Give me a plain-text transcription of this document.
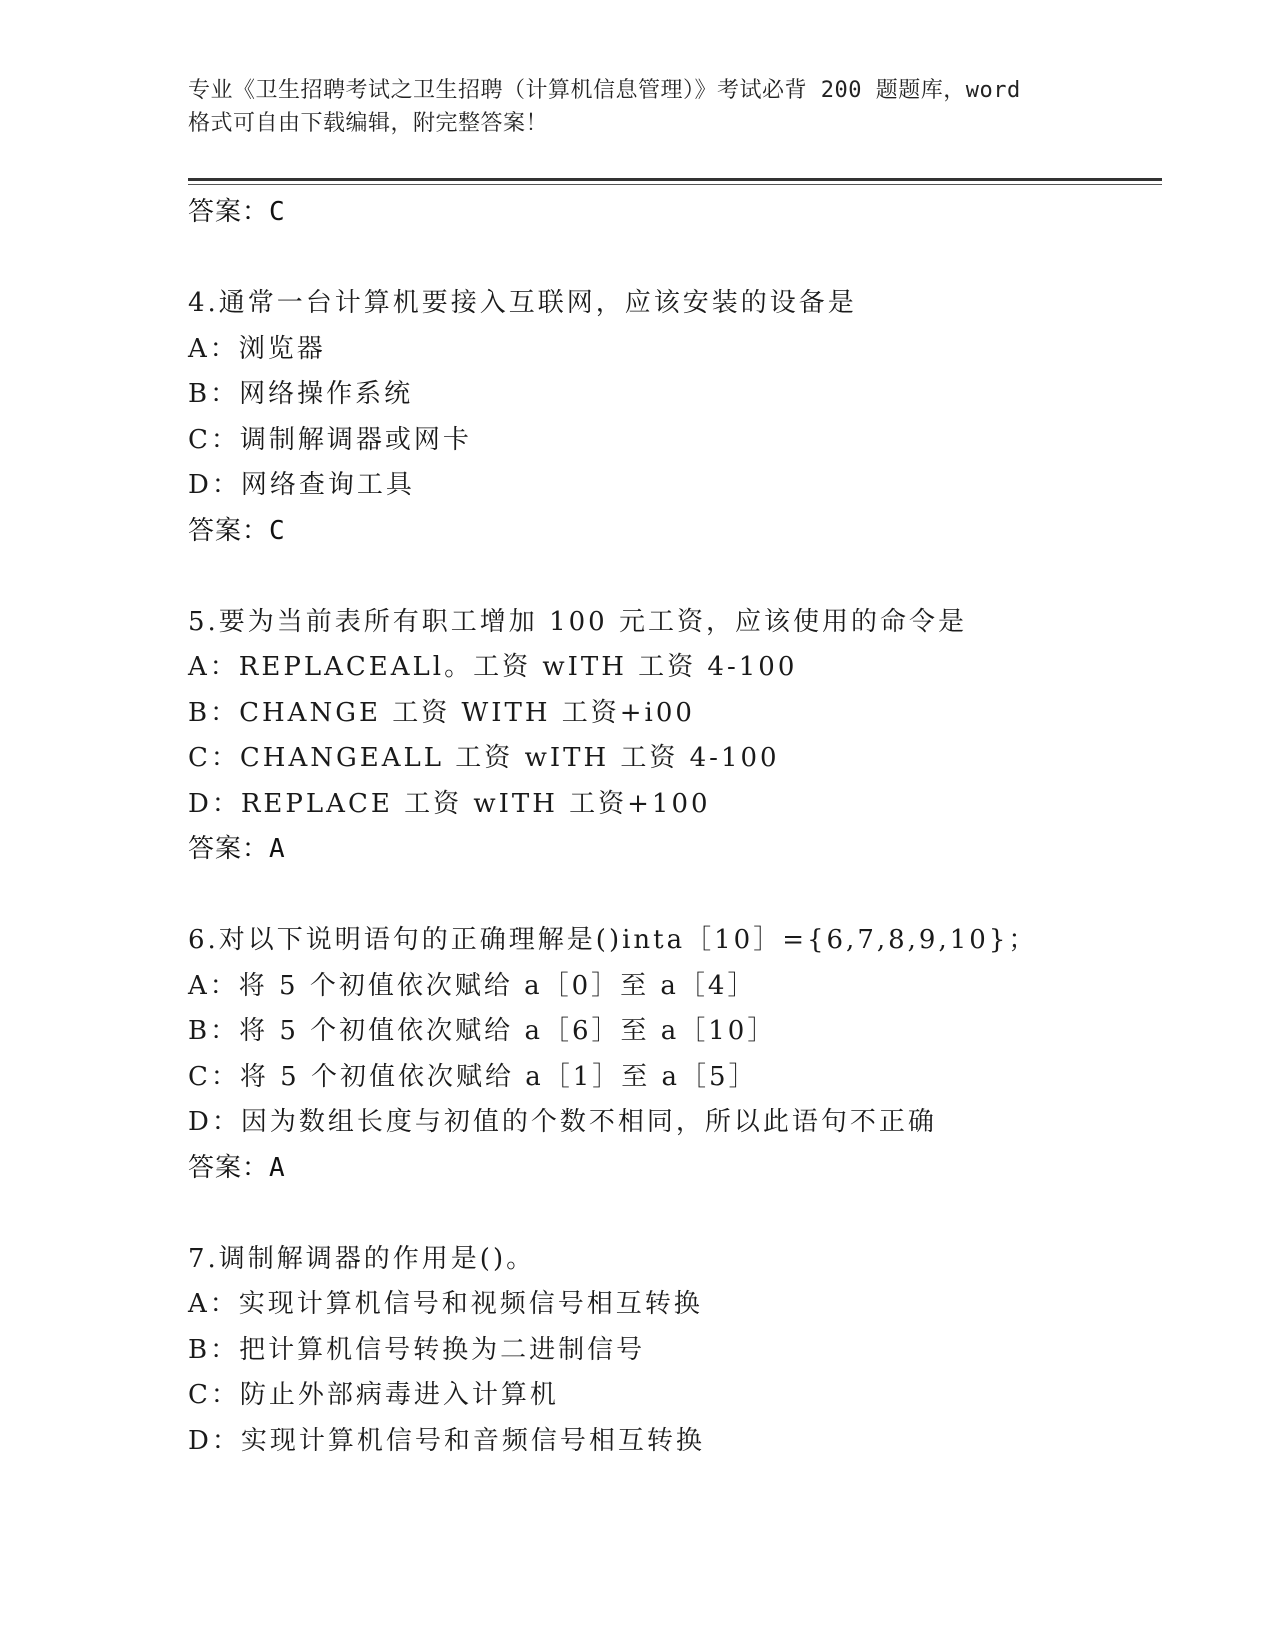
专业《卫生招聘考试之卫生招聘（计算机信息管理）》考试必背 200 题题库，word
格式可自由下载编辑，附完整答案！
答案：C
4.通常一台计算机要接入互联网，应该安装的设备是
A：浏览器
B：网络操作系统
C：调制解调器或网卡
D：网络查询工具
答案：C
5.要为当前表所有职工增加 100 元工资，应该使用的命令是
A：REPLACEALl。工资 wITH 工资 4-100
B：CHANGE 工资 WITH 工资+i00
C：CHANGEALL 工资 wITH 工资 4-100
D：REPLACE 工资 wITH 工资+100
答案：A
6.对以下说明语句的正确理解是()inta［10］={6,7,8,9,10}；
A：将 5 个初值依次赋给 a［0］至 a［4］
B：将 5 个初值依次赋给 a［6］至 a［10］
C：将 5 个初值依次赋给 a［1］至 a［5］
D：因为数组长度与初值的个数不相同，所以此语句不正确
答案：A
7.调制解调器的作用是()。
A：实现计算机信号和视频信号相互转换
B：把计算机信号转换为二进制信号
C：防止外部病毒进入计算机
D：实现计算机信号和音频信号相互转换
